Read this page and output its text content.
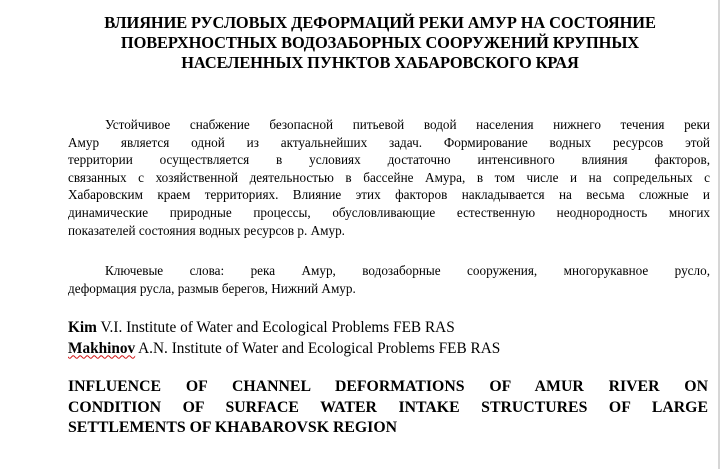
ВЛИЯНИЕ РУСЛОВЫХ ДЕФОРМАЦИЙ РЕКИ АМУР НА СОСТОЯНИЕ
ПОВЕРХНОСТНЫХ ВОДОЗАБОРНЫХ СООРУЖЕНИЙ КРУПНЫХ
НАСЕЛЕННЫХ ПУНКТОВ ХАБАРОВСКОГО КРАЯ
Устойчивое снабжение безопасной питьевой водой населения нижнего течения реки
Амур является одной из актуальнейших задач. Формирование водных ресурсов этой
территории осуществляется в условиях достаточно интенсивного влияния факторов,
связанных с хозяйственной деятельностью в бассейне Амура, в том числе и на сопредельных с
Хабаровским краем территориях. Влияние этих факторов накладывается на весьма сложные и
динамические природные процессы, обусловливающие естественную неоднородность многих
показателей состояния водных ресурсов р. Амур.
Ключевые слова: река Амур, водозаборные сооружения, многорукавное русло,
деформация русла, размыв берегов, Нижний Амур.
Kim V.I. Institute of Water and Ecological Problems FEB RAS
Makhinov A.N. Institute of Water and Ecological Problems FEB RAS
INFLUENCE OF CHANNEL DEFORMATIONS OF AMUR RIVER ON
CONDITION OF SURFACE WATER INTAKE STRUCTURES OF LARGE
SETTLEMENTS OF KHABAROVSK REGION
